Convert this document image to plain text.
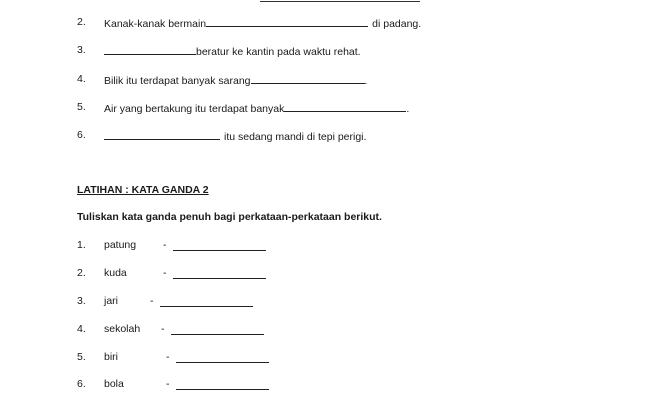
2.	Kanak-kanak bermain	di padang.
3.	beratur ke kantin pada waktu rehat.
4.	Bilik itu terdapat banyak sarang	.
5.	Air yang bertakung itu terdapat banyak	.
6.	itu sedang mandi di tepi perigi.
LATIHAN : KATA GANDA 2
Tuliskan kata ganda penuh bagi perkataan-perkataan berikut.
1.	patung	-
2.	kuda	-
3.	jari	-
4.	sekolah -
5.	biri	-
6.	bola	-
